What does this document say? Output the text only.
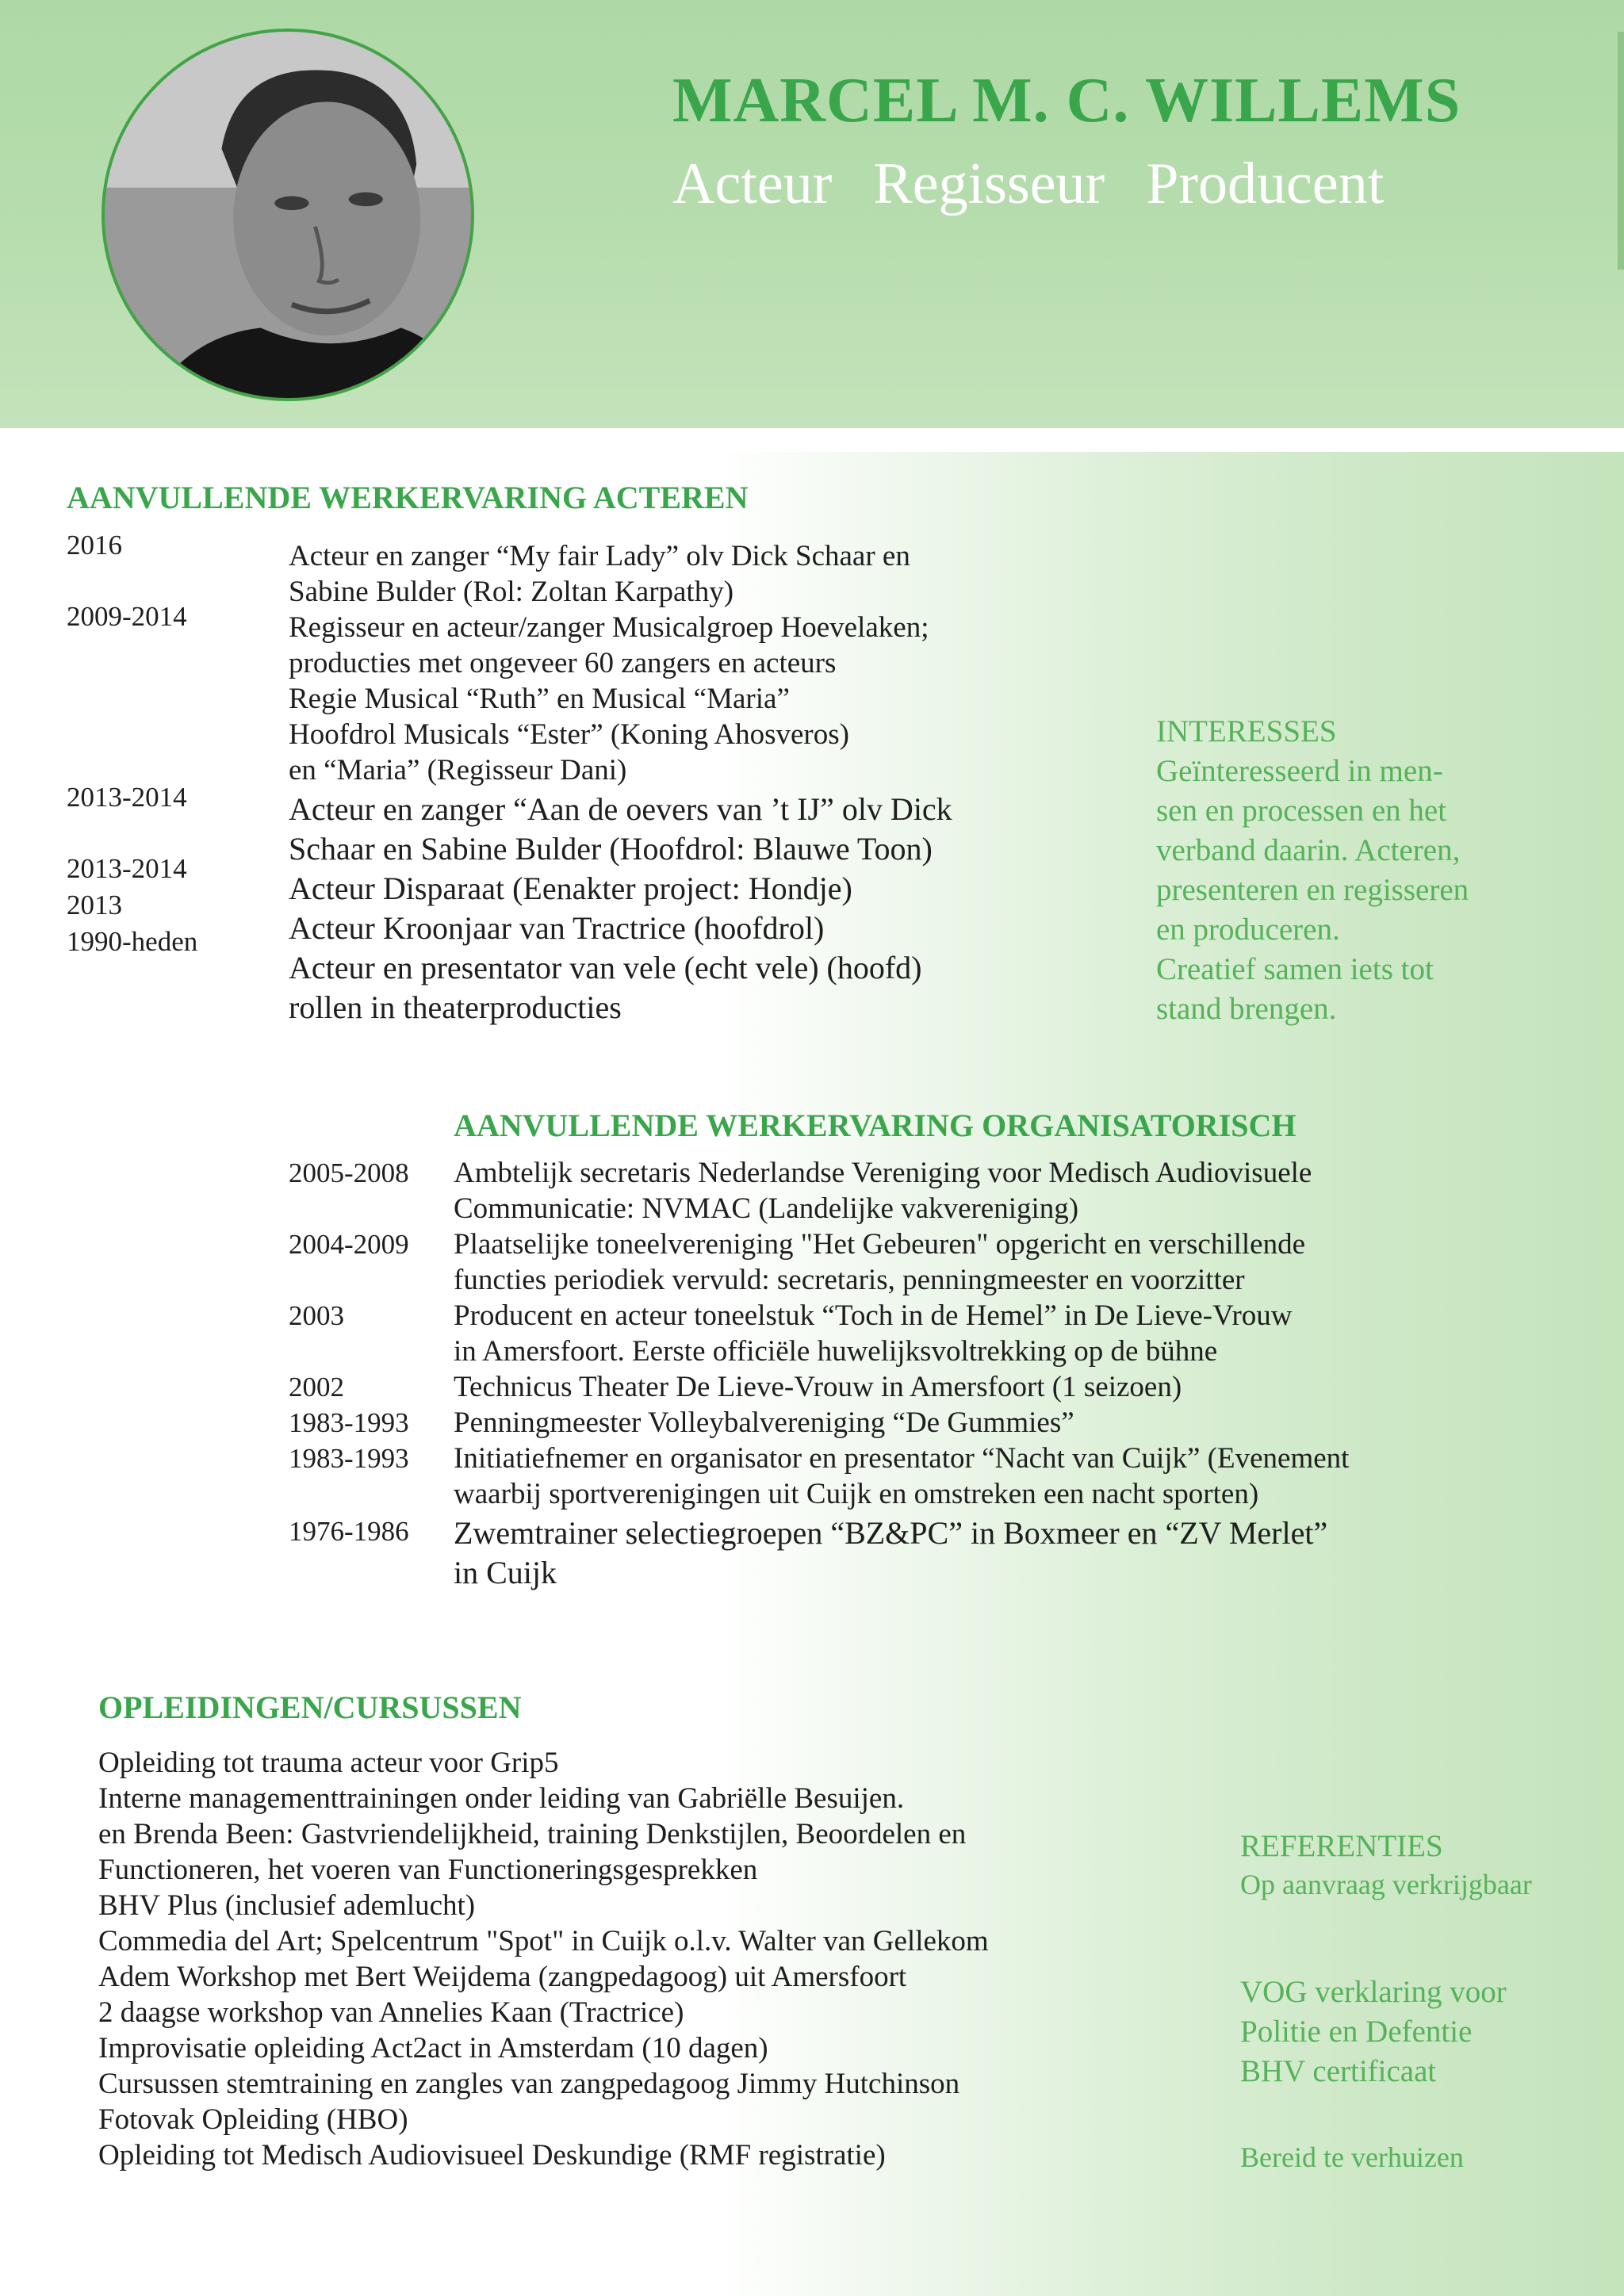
MARCEL M. C. WILLEMS
Acteur Regisseur Producent
AANVULLENDE WERKERVARING ACTEREN
2016
2009-2014
2013-2014
2013-2014
2013
1990-heden
Acteur en zanger “My fair Lady” olv Dick Schaar en
Sabine Bulder (Rol: Zoltan Karpathy)
Regisseur en acteur/zanger Musicalgroep Hoevelaken;
producties met ongeveer 60 zangers en acteurs
Regie Musical “Ruth” en Musical “Maria”
Hoofdrol Musicals “Ester” (Koning Ahosveros)
en “Maria” (Regisseur Dani)
Acteur en zanger “Aan de oevers van ’t IJ” olv Dick
Schaar en Sabine Bulder (Hoofdrol: Blauwe Toon)
Acteur Disparaat (Eenakter project: Hondje)
Acteur Kroonjaar van Tractrice (hoofdrol)
Acteur en presentator van vele (echt vele) (hoofd)
rollen in theaterproducties
INTERESSES
Geïnteresseerd in men-
sen en processen en het
verband daarin. Acteren,
presenteren en regisseren
en produceren.
Creatief samen iets tot
stand brengen.
AANVULLENDE WERKERVARING ORGANISATORISCH
2005-2008
2004-2009
2003
2002
1983-1993
1983-1993
1976-1986
Ambtelijk secretaris Nederlandse Vereniging voor Medisch Audiovisuele
Communicatie: NVMAC (Landelijke vakvereniging)
Plaatselijke toneelvereniging "Het Gebeuren" opgericht en verschillende
functies periodiek vervuld: secretaris, penningmeester en voorzitter
Producent en acteur toneelstuk “Toch in de Hemel” in De Lieve-Vrouw
in Amersfoort. Eerste officiële huwelijksvoltrekking op de bühne
Technicus Theater De Lieve-Vrouw in Amersfoort (1 seizoen)
Penningmeester Volleybalvereniging “De Gummies”
Initiatiefnemer en organisator en presentator “Nacht van Cuijk” (Evenement
waarbij sportverenigingen uit Cuijk en omstreken een nacht sporten)
Zwemtrainer selectiegroepen “BZ&PC” in Boxmeer en “ZV Merlet”
in Cuijk
OPLEIDINGEN/CURSUSSEN
Opleiding tot trauma acteur voor Grip5
Interne managementtrainingen onder leiding van Gabriëlle Besuijen.
en Brenda Been: Gastvriendelijkheid, training Denkstijlen, Beoordelen en
Functioneren, het voeren van Functioneringsgesprekken
BHV Plus (inclusief ademlucht)
Commedia del Art; Spelcentrum "Spot" in Cuijk o.l.v. Walter van Gellekom
Adem Workshop met Bert Weijdema (zangpedagoog) uit Amersfoort
2 daagse workshop van Annelies Kaan (Tractrice)
Improvisatie opleiding Act2act in Amsterdam (10 dagen)
Cursussen stemtraining en zangles van zangpedagoog Jimmy Hutchinson
Fotovak Opleiding (HBO)
Opleiding tot Medisch Audiovisueel Deskundige (RMF registratie)
REFERENTIES
Op aanvraag verkrijgbaar
VOG verklaring voor
Politie en Defentie
BHV certificaat
Bereid te verhuizen
